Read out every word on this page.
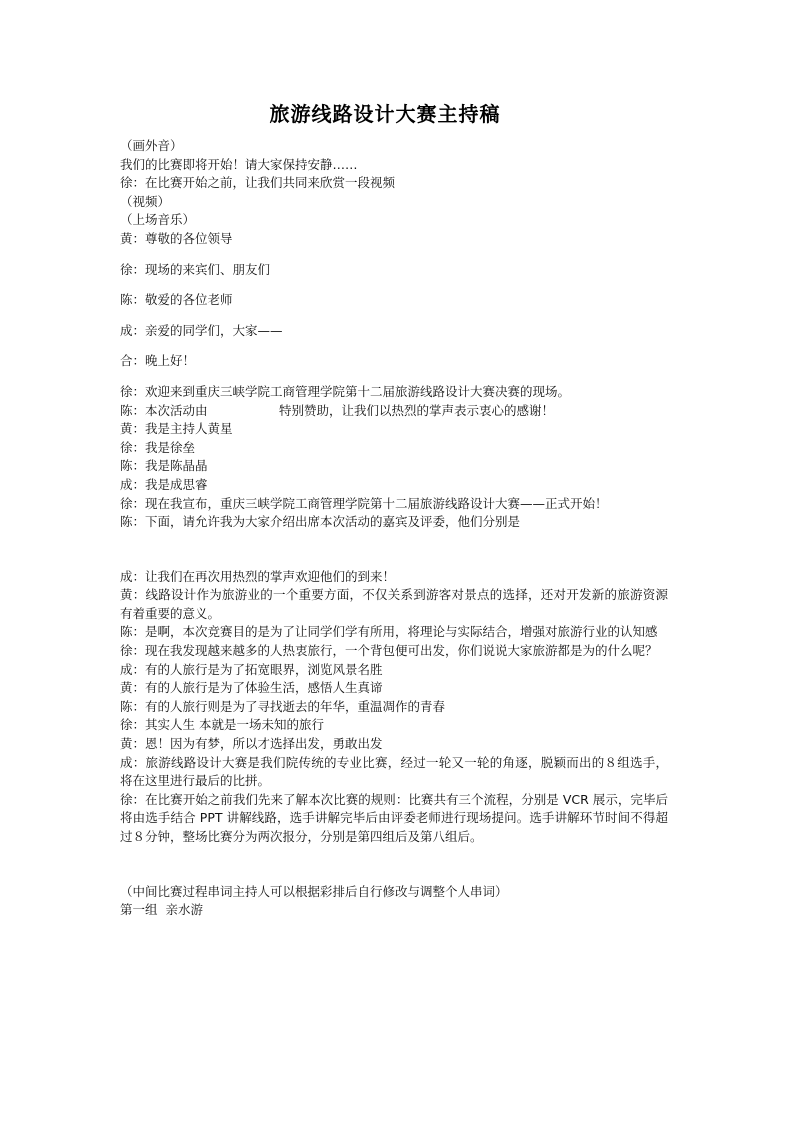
旅游线路设计大赛主持稿

（画外音）

我们的比赛即将开始！请大家保持安静……

徐：在比赛开始之前，让我们共同来欣赏一段视频

（视频）

（上场音乐）

黄：尊敬的各位领导

徐：现场的来宾们、朋友们

陈：敬爱的各位老师

成：亲爱的同学们，大家——

合：晚上好！

徐：欢迎来到重庆三峡学院工商管理学院第十二届旅游线路设计大赛决赛的现场。

陈：本次活动由                  特别赞助，让我们以热烈的掌声表示衷心的感谢！

黄：我是主持人黄星

徐：我是徐垒

陈：我是陈晶晶

成：我是成思睿

徐：现在我宣布，重庆三峡学院工商管理学院第十二届旅游线路设计大赛——正式开始！

陈：下面，请允许我为大家介绍出席本次活动的嘉宾及评委，他们分别是

成：让我们在再次用热烈的掌声欢迎他们的到来！

黄：线路设计作为旅游业的一个重要方面，不仅关系到游客对景点的选择，还对开发新的旅游资源有着重要的意义。

陈：是啊，本次竞赛目的是为了让同学们学有所用，将理论与实际结合，增强对旅游行业的认知感

徐：现在我发现越来越多的人热衷旅行，一个背包便可出发，你们说说大家旅游都是为的什么呢？

成：有的人旅行是为了拓宽眼界，浏览风景名胜

黄：有的人旅行是为了体验生活，感悟人生真谛

陈：有的人旅行则是为了寻找逝去的年华，重温凋作的青春

徐：其实人生 本就是一场未知的旅行

黄：恩！因为有梦，所以才选择出发，勇敢出发

成：旅游线路设计大赛是我们院传统的专业比赛，经过一轮又一轮的角逐，脱颖而出的８组选手，将在这里进行最后的比拼。

徐：在比赛开始之前我们先来了解本次比赛的规则：比赛共有三个流程，分别是 VCR 展示，完毕后将由选手结合 PPT 讲解线路，选手讲解完毕后由评委老师进行现场提问。选手讲解环节时间不得超过８分钟，整场比赛分为两次报分，分别是第四组后及第八组后。

（中间比赛过程串词主持人可以根据彩排后自行修改与调整个人串词）

第一组  亲水游
